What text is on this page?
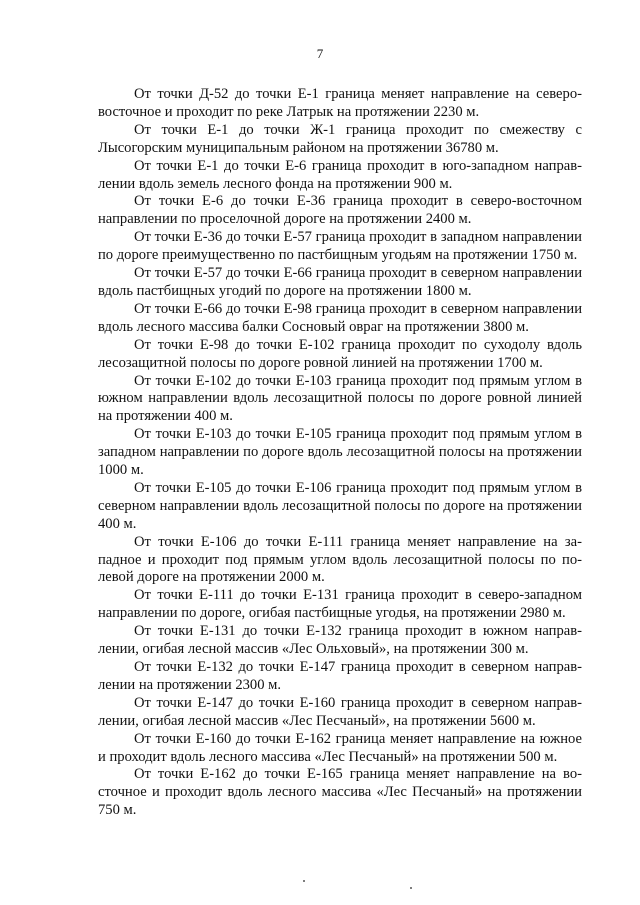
7

От точки Д-52 до точки Е-1 граница меняет направление на северо-восточное и проходит по реке Латрык на протяжении 2230 м.

От точки Е-1 до точки Ж-1 граница проходит по смежеству с Лысогорским муниципальным районом на протяжении 36780 м.

От точки Е-1 до точки Е-6 граница проходит в юго-западном направлении вдоль земель лесного фонда на протяжении 900 м.

От точки Е-6 до точки Е-36 граница проходит в северо-восточном направлении по проселочной дороге на протяжении 2400 м.

От точки Е-36 до точки Е-57 граница проходит в западном направлении по дороге преимущественно по пастбищным угодьям на протяжении 1750 м.

От точки Е-57 до точки Е-66 граница проходит в северном направлении вдоль пастбищных угодий по дороге на протяжении 1800 м.

От точки Е-66 до точки Е-98 граница проходит в северном направлении вдоль лесного массива балки Сосновый овраг на протяжении 3800 м.

От точки Е-98 до точки Е-102 граница проходит по суходолу вдоль лесозащитной полосы по дороге ровной линией на протяжении 1700 м.

От точки Е-102 до точки Е-103 граница проходит под прямым углом в южном направлении вдоль лесозащитной полосы по дороге ровной линией на протяжении 400 м.

От точки Е-103 до точки Е-105 граница проходит под прямым углом в западном направлении по дороге вдоль лесозащитной полосы на протяжении 1000 м.

От точки Е-105 до точки Е-106 граница проходит под прямым углом в северном направлении вдоль лесозащитной полосы по дороге на протяжении 400 м.

От точки Е-106 до точки Е-111 граница меняет направление на западное и проходит под прямым углом вдоль лесозащитной полосы по полевой дороге на протяжении 2000 м.

От точки Е-111 до точки Е-131 граница проходит в северо-западном направлении по дороге, огибая пастбищные угодья, на протяжении 2980 м.

От точки Е-131 до точки Е-132 граница проходит в южном направлении, огибая лесной массив «Лес Ольховый», на протяжении 300 м.

От точки Е-132 до точки Е-147 граница проходит в северном направлении на протяжении 2300 м.

От точки Е-147 до точки Е-160 граница проходит в северном направлении, огибая лесной массив «Лес Песчаный», на протяжении 5600 м.

От точки Е-160 до точки Е-162 граница меняет направление на южное и проходит вдоль лесного массива «Лес Песчаный» на протяжении 500 м.

От точки Е-162 до точки Е-165 граница меняет направление на восточное и проходит вдоль лесного массива «Лес Песчаный» на протяжении 750 м.
